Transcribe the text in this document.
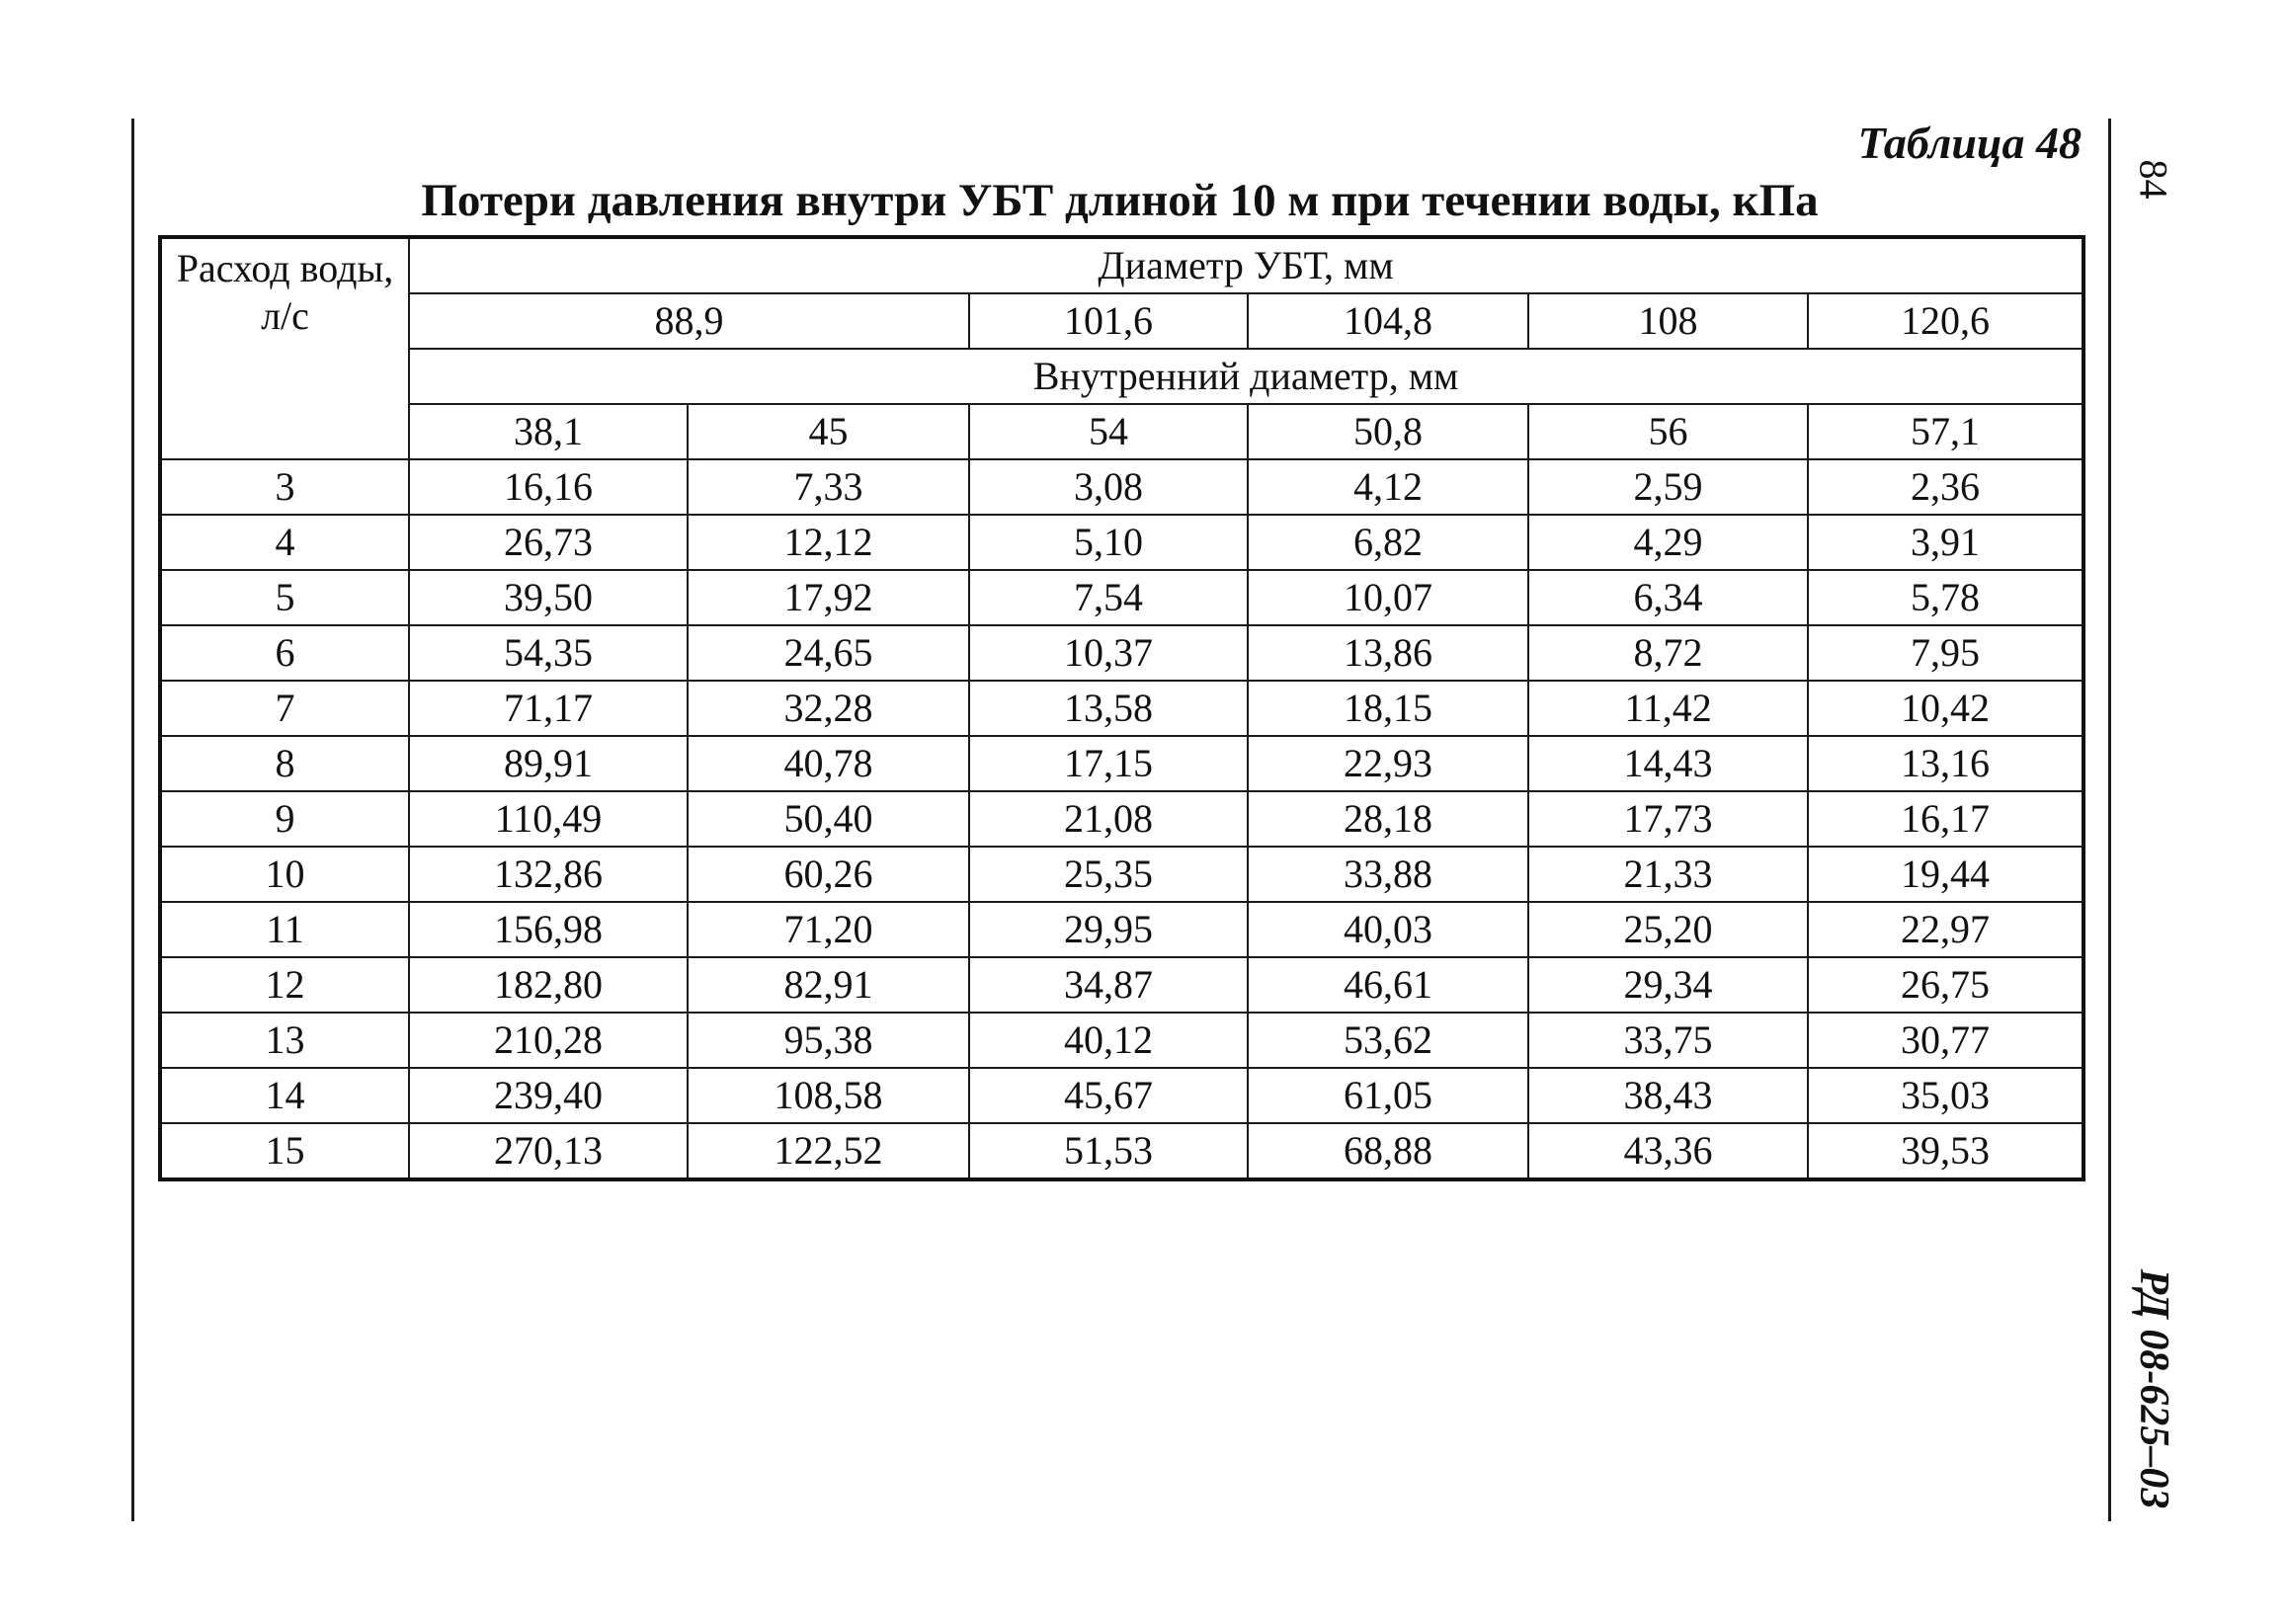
Таблица 48
Потери давления внутри УБТ длиной 10 м при течении воды, кПа	84
РД 08-625–03
Расход воды, л/с	Диаметр УБТ, мм					
	88,9		101,6	104,8	108	120,6
	Внутренний диаметр, мм					
	38,1	45	54	50,8	56	57,1
3	16,16	7,33	3,08	4,12	2,59	2,36
4	26,73	12,12	5,10	6,82	4,29	3,91
5	39,50	17,92	7,54	10,07	6,34	5,78
6	54,35	24,65	10,37	13,86	8,72	7,95
7	71,17	32,28	13,58	18,15	11,42	10,42
8	89,91	40,78	17,15	22,93	14,43	13,16
9	110,49	50,40	21,08	28,18	17,73	16,17
10	132,86	60,26	25,35	33,88	21,33	19,44
11	156,98	71,20	29,95	40,03	25,20	22,97
12	182,80	82,91	34,87	46,61	29,34	26,75
13	210,28	95,38	40,12	53,62	33,75	30,77
14	239,40	108,58	45,67	61,05	38,43	35,03
15	270,13	122,52	51,53	68,88	43,36	39,53
